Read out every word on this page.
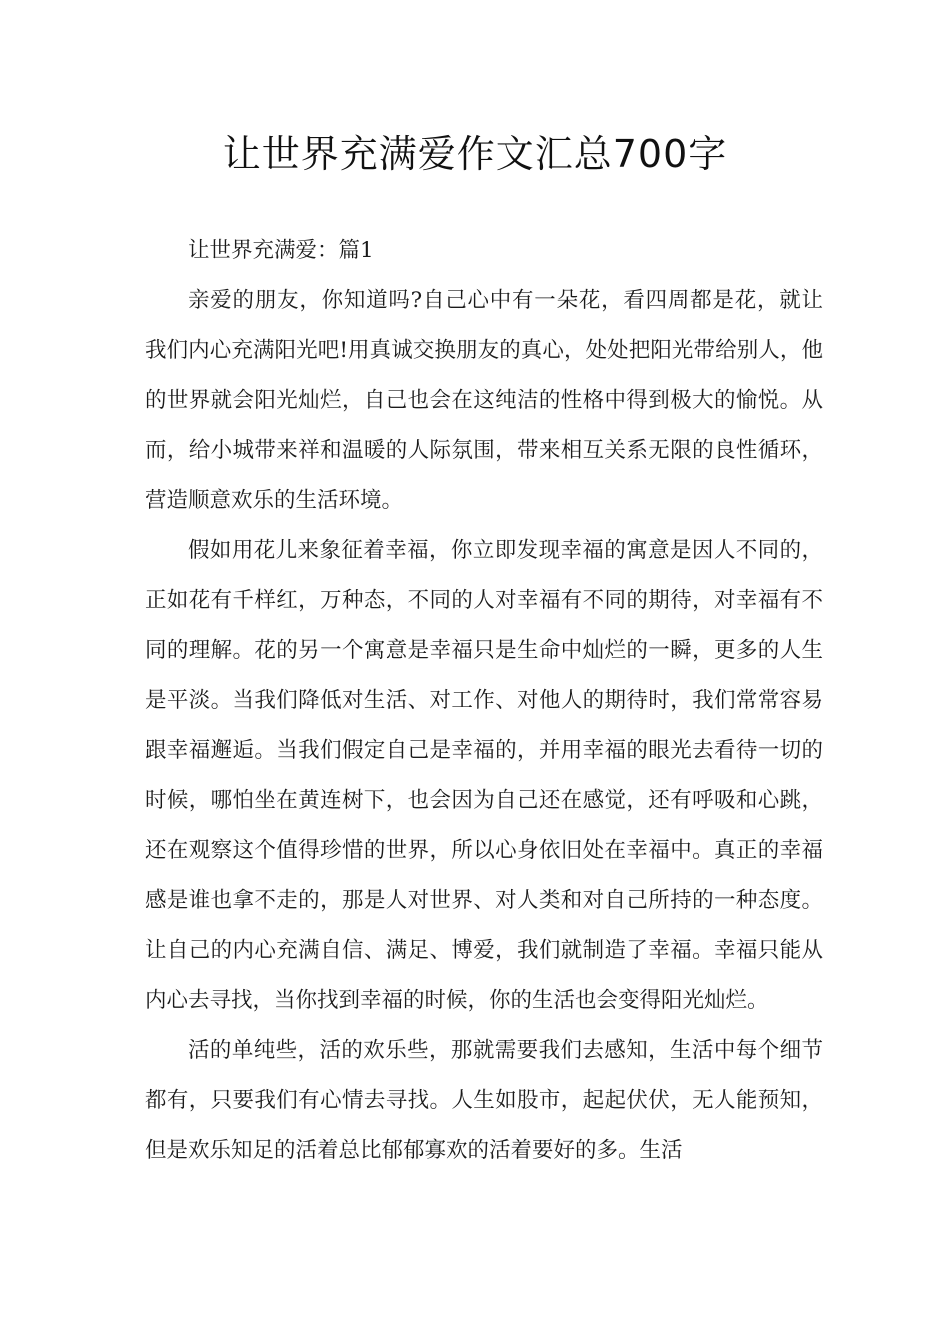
让世界充满爱作文汇总700字

让世界充满爱：篇1

亲爱的朋友，你知道吗?自己心中有一朵花，看四周都是花，就让我们内心充满阳光吧!用真诚交换朋友的真心，处处把阳光带给别人，他的世界就会阳光灿烂，自己也会在这纯洁的性格中得到极大的愉悦。从而，给小城带来祥和温暖的人际氛围，带来相互关系无限的良性循环，营造顺意欢乐的生活环境。

假如用花儿来象征着幸福，你立即发现幸福的寓意是因人不同的，正如花有千样红，万种态，不同的人对幸福有不同的期待，对幸福有不同的理解。花的另一个寓意是幸福只是生命中灿烂的一瞬，更多的人生是平淡。当我们降低对生活、对工作、对他人的期待时，我们常常容易跟幸福邂逅。当我们假定自己是幸福的，并用幸福的眼光去看待一切的时候，哪怕坐在黄连树下，也会因为自己还在感觉，还有呼吸和心跳，还在观察这个值得珍惜的世界，所以心身依旧处在幸福中。真正的幸福感是谁也拿不走的，那是人对世界、对人类和对自己所持的一种态度。让自己的内心充满自信、满足、博爱，我们就制造了幸福。幸福只能从内心去寻找，当你找到幸福的时候，你的生活也会变得阳光灿烂。

活的单纯些，活的欢乐些，那就需要我们去感知，生活中每个细节都有，只要我们有心情去寻找。人生如股市，起起伏伏，无人能预知，但是欢乐知足的活着总比郁郁寡欢的活着要好的多。生活
